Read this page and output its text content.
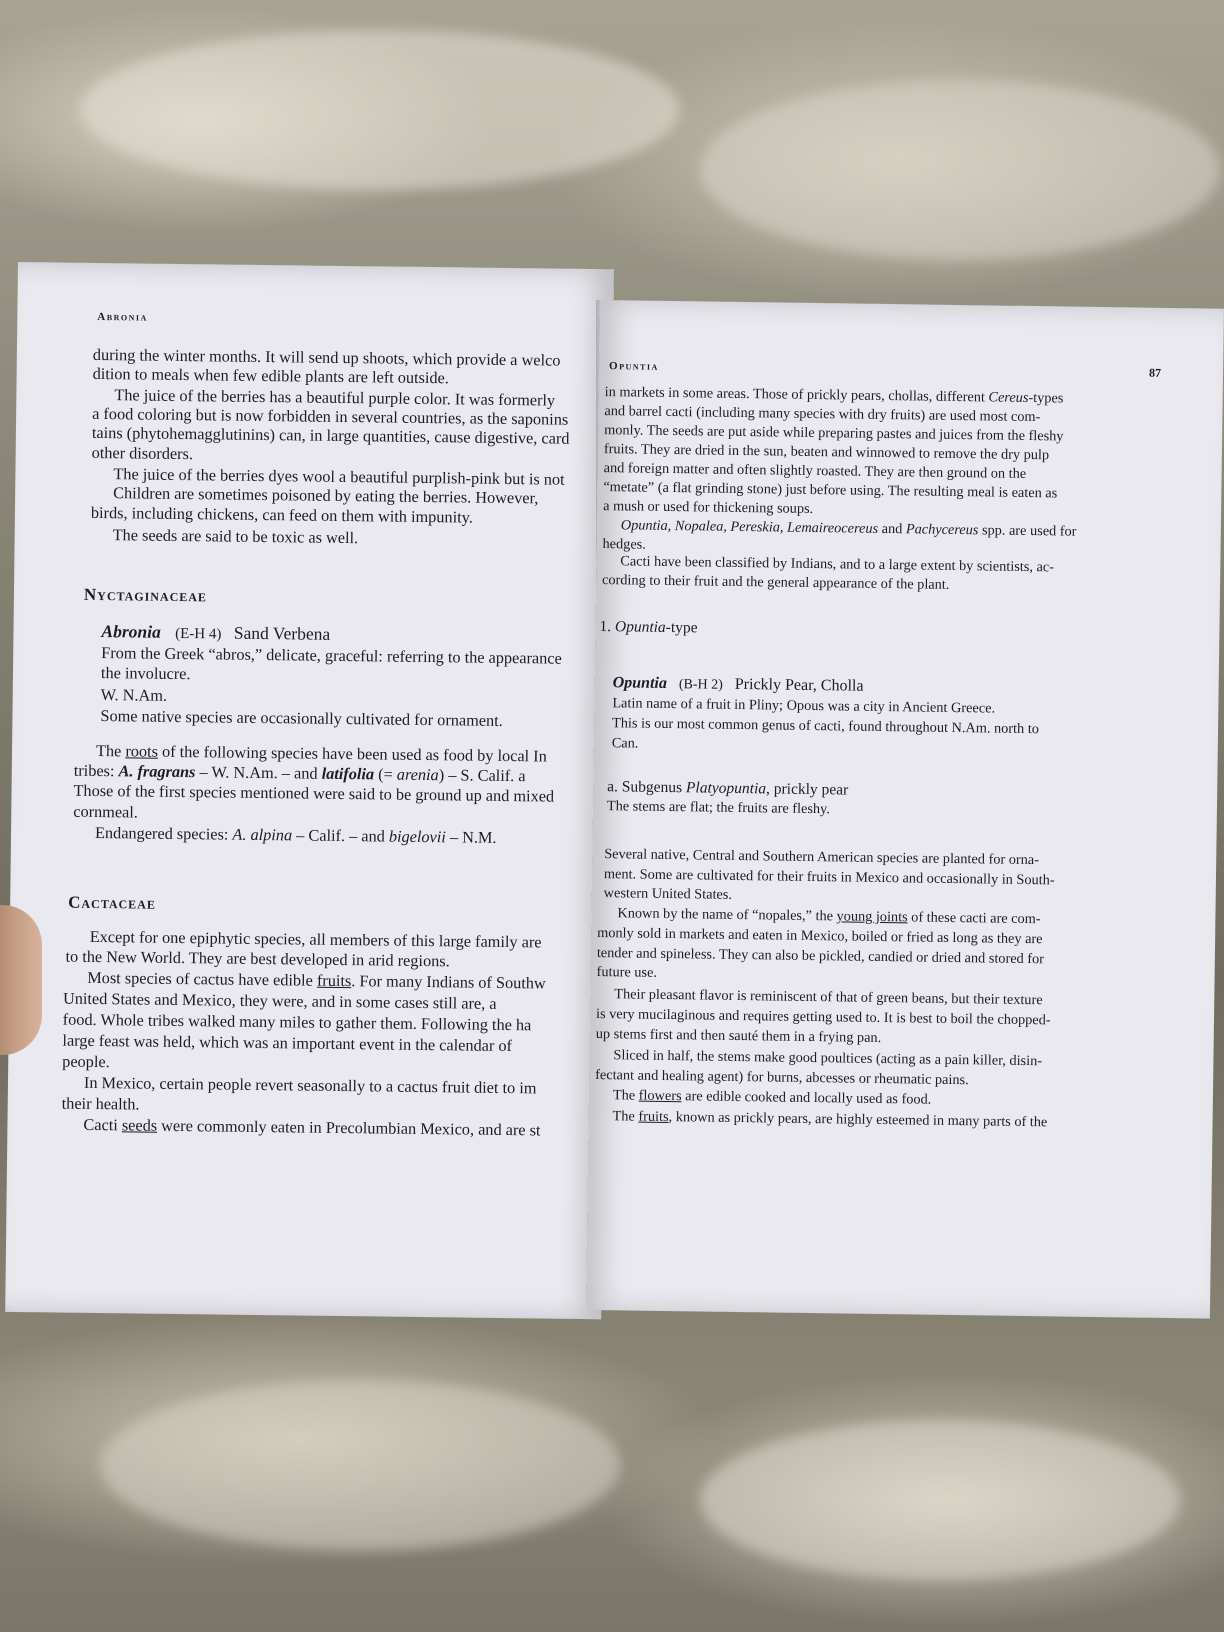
Abronia
during the winter months. It will send up shoots, which provide a welco
dition to meals when few edible plants are left outside.
The juice of the berries has a beautiful purple color. It was formerly
a food coloring but is now forbidden in several countries, as the saponins
tains (phytohemagglutinins) can, in large quantities, cause digestive, card
other disorders.
The juice of the berries dyes wool a beautiful purplish-pink but is not
Children are sometimes poisoned by eating the berries. However,
birds, including chickens, can feed on them with impunity.
The seeds are said to be toxic as well.
Nyctaginaceae
Abronia (E-H 4) Sand Verbena
From the Greek “abros,” delicate, graceful: referring to the appearance
the involucre.
W. N.Am.
Some native species are occasionally cultivated for ornament.
The roots of the following species have been used as food by local In
tribes: A. fragrans – W. N.Am. – and latifolia (= arenia) – S. Calif. a
Those of the first species mentioned were said to be ground up and mixed
cornmeal.
Endangered species: A. alpina – Calif. – and bigelovii – N.M.
Cactaceae
Except for one epiphytic species, all members of this large family are
to the New World. They are best developed in arid regions.
Most species of cactus have edible fruits. For many Indians of Southw
United States and Mexico, they were, and in some cases still are, a
food. Whole tribes walked many miles to gather them. Following the ha
large feast was held, which was an important event in the calendar of
people.
In Mexico, certain people revert seasonally to a cactus fruit diet to im
their health.
Cacti seeds were commonly eaten in Precolumbian Mexico, and are st
Opuntia	87
in markets in some areas. Those of prickly pears, chollas, different Cereus-types
and barrel cacti (including many species with dry fruits) are used most com-
monly. The seeds are put aside while preparing pastes and juices from the fleshy
fruits. They are dried in the sun, beaten and winnowed to remove the dry pulp
and foreign matter and often slightly roasted. They are then ground on the
“metate” (a flat grinding stone) just before using. The resulting meal is eaten as
a mush or used for thickening soups.
Opuntia, Nopalea, Pereskia, Lemaireocereus and Pachycereus spp. are used for
hedges.
Cacti have been classified by Indians, and to a large extent by scientists, ac-
cording to their fruit and the general appearance of the plant.
1. Opuntia-type
Opuntia (B-H 2) Prickly Pear, Cholla
Latin name of a fruit in Pliny; Opous was a city in Ancient Greece.
This is our most common genus of cacti, found throughout N.Am. north to
Can.
a. Subgenus Platyopuntia, prickly pear
The stems are flat; the fruits are fleshy.
Several native, Central and Southern American species are planted for orna-
ment. Some are cultivated for their fruits in Mexico and occasionally in South-
western United States.
Known by the name of “nopales,” the young joints of these cacti are com-
monly sold in markets and eaten in Mexico, boiled or fried as long as they are
tender and spineless. They can also be pickled, candied or dried and stored for
future use.
Their pleasant flavor is reminiscent of that of green beans, but their texture
is very mucilaginous and requires getting used to. It is best to boil the chopped-
up stems first and then sauté them in a frying pan.
Sliced in half, the stems make good poultices (acting as a pain killer, disin-
fectant and healing agent) for burns, abcesses or rheumatic pains.
The flowers are edible cooked and locally used as food.
The fruits, known as prickly pears, are highly esteemed in many parts of the
